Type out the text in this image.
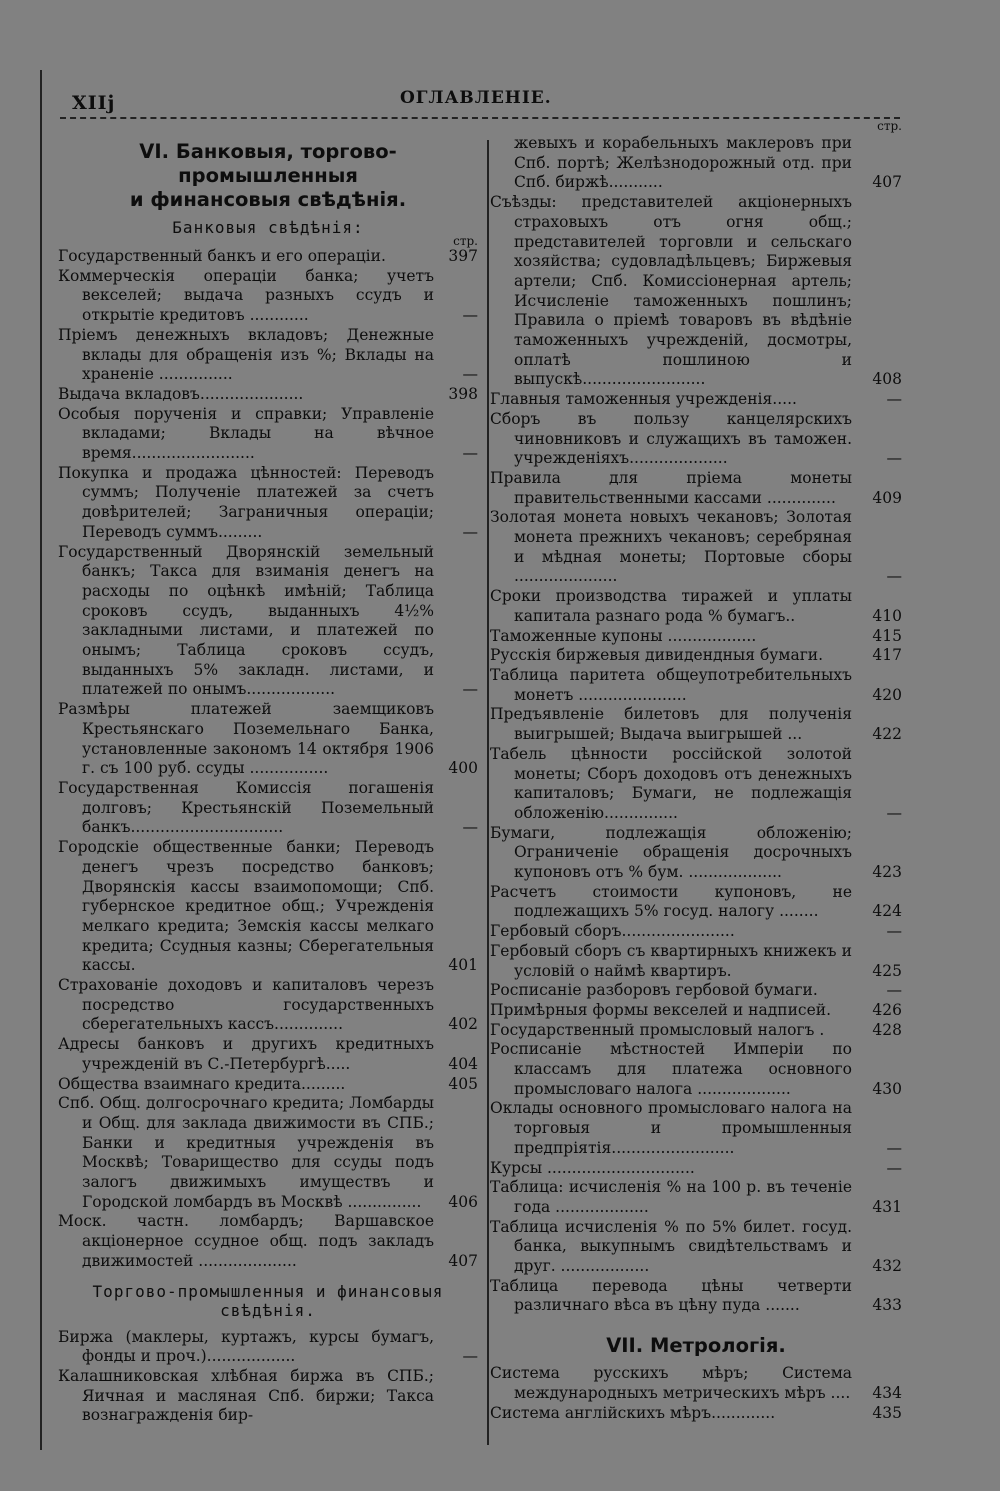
XIIj	ОГЛАВЛЕНІЕ.
VI. Банковыя, торгово-промышленныя
и финансовыя свѣдѣнія.
Банковыя свѣдѣнія:
стр.
Государственный банкъ и его операціи.	397
Коммерческія операціи банка; учетъ векселей; выдача разныхъ ссудъ и открытіе кредитовъ ............	—
Пріемъ денежныхъ вкладовъ; Денежные вклады для обращенія изъ %; Вклады на храненіе ...............	—
Выдача вкладовъ.....................	398
Особыя порученія и справки; Управленіе вкладами; Вклады на вѣчное время.........................	—
Покупка и продажа цѣнностей: Переводъ суммъ; Полученіе платежей за счетъ довѣрителей; Заграничныя операціи; Переводъ суммъ.........	—
Государственный Дворянскій земельный банкъ; Такса для взиманія денегъ на расходы по оцѣнкѣ имѣній; Таблица сроковъ ссудъ, выданныхъ 4½% закладными листами, и платежей по онымъ; Таблица сроковъ ссудъ, выданныхъ 5% закладн. листами, и платежей по онымъ..................	—
Размѣры платежей заемщиковъ Крестьянскаго Поземельнаго Банка, установленные закономъ 14 октября 1906 г. съ 100 руб. ссуды ................	400
Государственная Комиссія погашенія долговъ; Крестьянскій Поземельный банкъ...............................	—
Городскіе общественные банки; Переводъ денегъ чрезъ посредство банковъ; Дворянскія кассы взаимопомощи; Спб. губернское кредитное общ.; Учрежденія мелкаго кредита; Земскія кассы мелкаго кредита; Ссудныя казны; Сберегательныя кассы.	401
Страхованіе доходовъ и капиталовъ черезъ посредство государственныхъ сберегательныхъ кассъ..............	402
Адресы банковъ и другихъ кредитныхъ учрежденій въ С.-Петербургѣ.....	404
Общества взаимнаго кредита.........	405
Спб. Общ. долгосрочнаго кредита; Ломбарды и Общ. для заклада движимости въ СПБ.; Банки и кредитныя учрежденія въ Москвѣ; Товарищество для ссуды подъ залогъ движимыхъ имуществъ и Городской ломбардъ въ Москвѣ ...............	406
Моск. частн. ломбардъ; Варшавское акціонерное ссудное общ. подъ закладъ движимостей ....................	407
Торгово-промышленныя и финансовыя свѣдѣнія.
Биржа (маклеры, куртажъ, курсы бумагъ, фонды и проч.)..................	—
Калашниковская хлѣбная биржа въ СПБ.; Яичная и масляная Спб. биржи; Такса вознагражденія бир-
стр.
жевыхъ и корабельныхъ маклеровъ при Спб. портѣ; Желѣзнодорожный отд. при Спб. биржѣ...........	407
Съѣзды: представителей акціонерныхъ страховыхъ отъ огня общ.; представителей торговли и сельскаго хозяйства; судовладѣльцевъ; Биржевыя артели; Спб. Комиссіонерная артель; Исчисленіе таможенныхъ пошлинъ; Правила о пріемѣ товаровъ въ вѣдѣніе таможенныхъ учрежденій, досмотры, оплатѣ пошлиною и выпускѣ.........................	408
Главныя таможенныя учрежденія.....	—
Сборъ въ пользу канцелярскихъ чиновниковъ и служащихъ въ таможен. учрежденіяхъ....................	—
Правила для пріема монеты правительственными кассами ..............	409
Золотая монета новыхъ чекановъ; Золотая монета прежнихъ чекановъ; серебряная и мѣдная монеты; Портовые сборы .....................	—
Сроки производства тиражей и уплаты капитала разнаго рода % бумагъ..	410
Таможенные купоны ..................	415
Русскія биржевыя дивидендныя бумаги.	417
Таблица паритета общеупотребительныхъ монетъ ......................	420
Предъявленіе билетовъ для полученія выигрышей; Выдача выигрышей ...	422
Табель цѣнности россійской золотой монеты; Сборъ доходовъ отъ денежныхъ капиталовъ; Бумаги, не подлежащія обложенію...............	—
Бумаги, подлежащія обложенію; Ограниченіе обращенія досрочныхъ купоновъ отъ % бум. ...................	423
Расчетъ стоимости купоновъ, не подлежащихъ 5% госуд. налогу ........	424
Гербовый сборъ.......................	—
Гербовый сборъ съ квартирныхъ книжекъ и условій о наймѣ квартиръ.	425
Росписаніе разборовъ гербовой бумаги.	—
Примѣрныя формы векселей и надписей.	426
Государственный промысловый налогъ .	428
Росписаніе мѣстностей Имперіи по классамъ для платежа основного промысловаго налога ...................	430
Оклады основного промысловаго налога на торговыя и промышленныя предпріятія.........................	—
Курсы ..............................	—
Таблица: исчисленія % на 100 р. въ теченіе года ...................	431
Таблица исчисленія % по 5% билет. госуд. банка, выкупнымъ свидѣтельствамъ и друг. ..................	432
Таблица перевода цѣны четверти различнаго вѣса въ цѣну пуда .......	433
VII. Метрологія.
Система русскихъ мѣръ; Система международныхъ метрическихъ мѣръ ....	434
Система англійскихъ мѣръ.............	435
